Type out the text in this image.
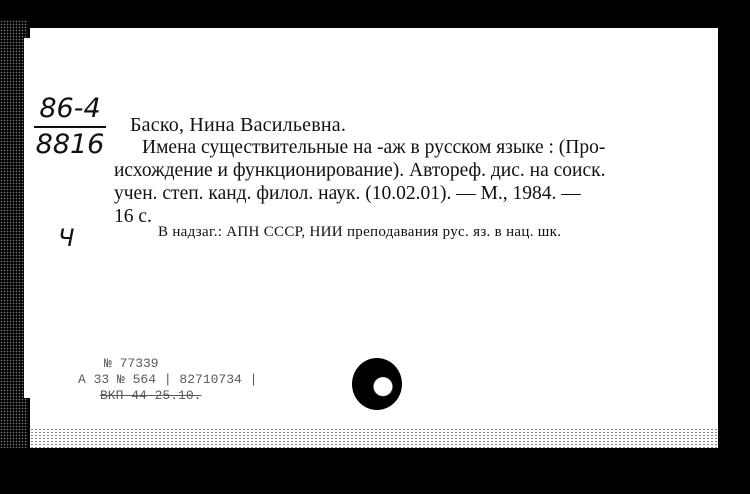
86-4
8816
Ч
Баско, Нина Васильевна.

Имена существительные на -аж в русском языке : (Про-

исхождение и функционирование). Автореф. дис. на соиск.
учен. степ. канд. филол. наук. (10.02.01). — М., 1984. —
16 с.
В надзаг.: АПН СССР, НИИ преподавания рус. яз. в нац. шк.
№ 77339
А 33 № 564 | 82710734 |
ВКП 44 25.10.
